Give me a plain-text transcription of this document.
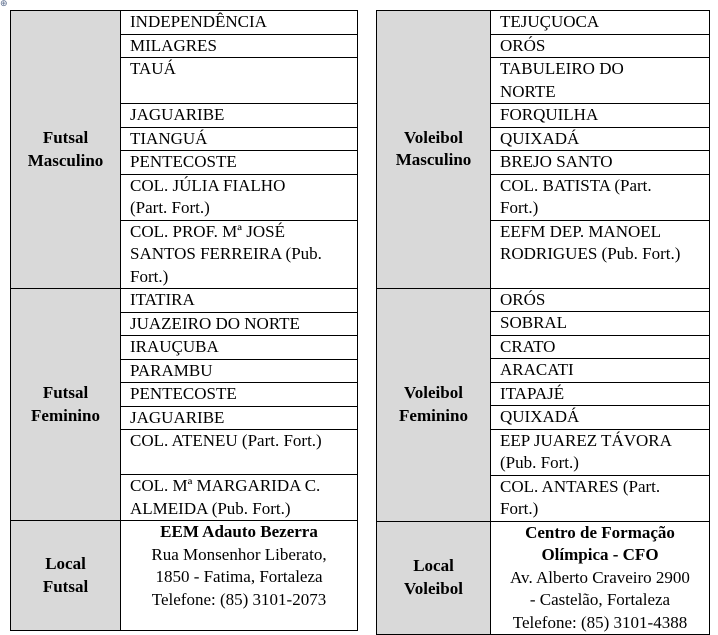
⊕
Futsal
Masculino	INDEPENDÊNCIA
	MILAGRES
	TAUÁ
	JAGUARIBE
	TIANGUÁ
	PENTECOSTE
	COL. JÚLIA FIALHO
(Part. Fort.)
	COL. PROF. Mª JOSÉ
SANTOS FERREIRA (Pub.
Fort.)

Futsal
Feminino	ITATIRA
	JUAZEIRO DO NORTE
	IRAUÇUBA
	PARAMBU
	PENTECOSTE
	JAGUARIBE
	COL. ATENEU (Part. Fort.)
	COL. Mª MARGARIDA C.
ALMEIDA (Pub. Fort.)

Local
Futsal	EEM Adauto Bezerra
Rua Monsenhor Liberato,
1850 - Fatima, Fortaleza
Telefone: (85) 3101-2073
Voleibol
Masculino	TEJUÇUOCA
	ORÓS
	TABULEIRO DO
NORTE
	FORQUILHA
	QUIXADÁ
	BREJO SANTO
	COL. BATISTA (Part.
Fort.)
	EEFM DEP. MANOEL
RODRIGUES (Pub. Fort.)

Voleibol
Feminino	ORÓS
	SOBRAL
	CRATO
	ARACATI
	ITAPAJÉ
	QUIXADÁ
	EEP JUAREZ TÁVORA
(Pub. Fort.)
	COL. ANTARES (Part.
Fort.)

Local
Voleibol	Centro de Formação
Olímpica - CFO
Av. Alberto Craveiro 2900
- Castelão, Fortaleza
Telefone: (85) 3101-4388
